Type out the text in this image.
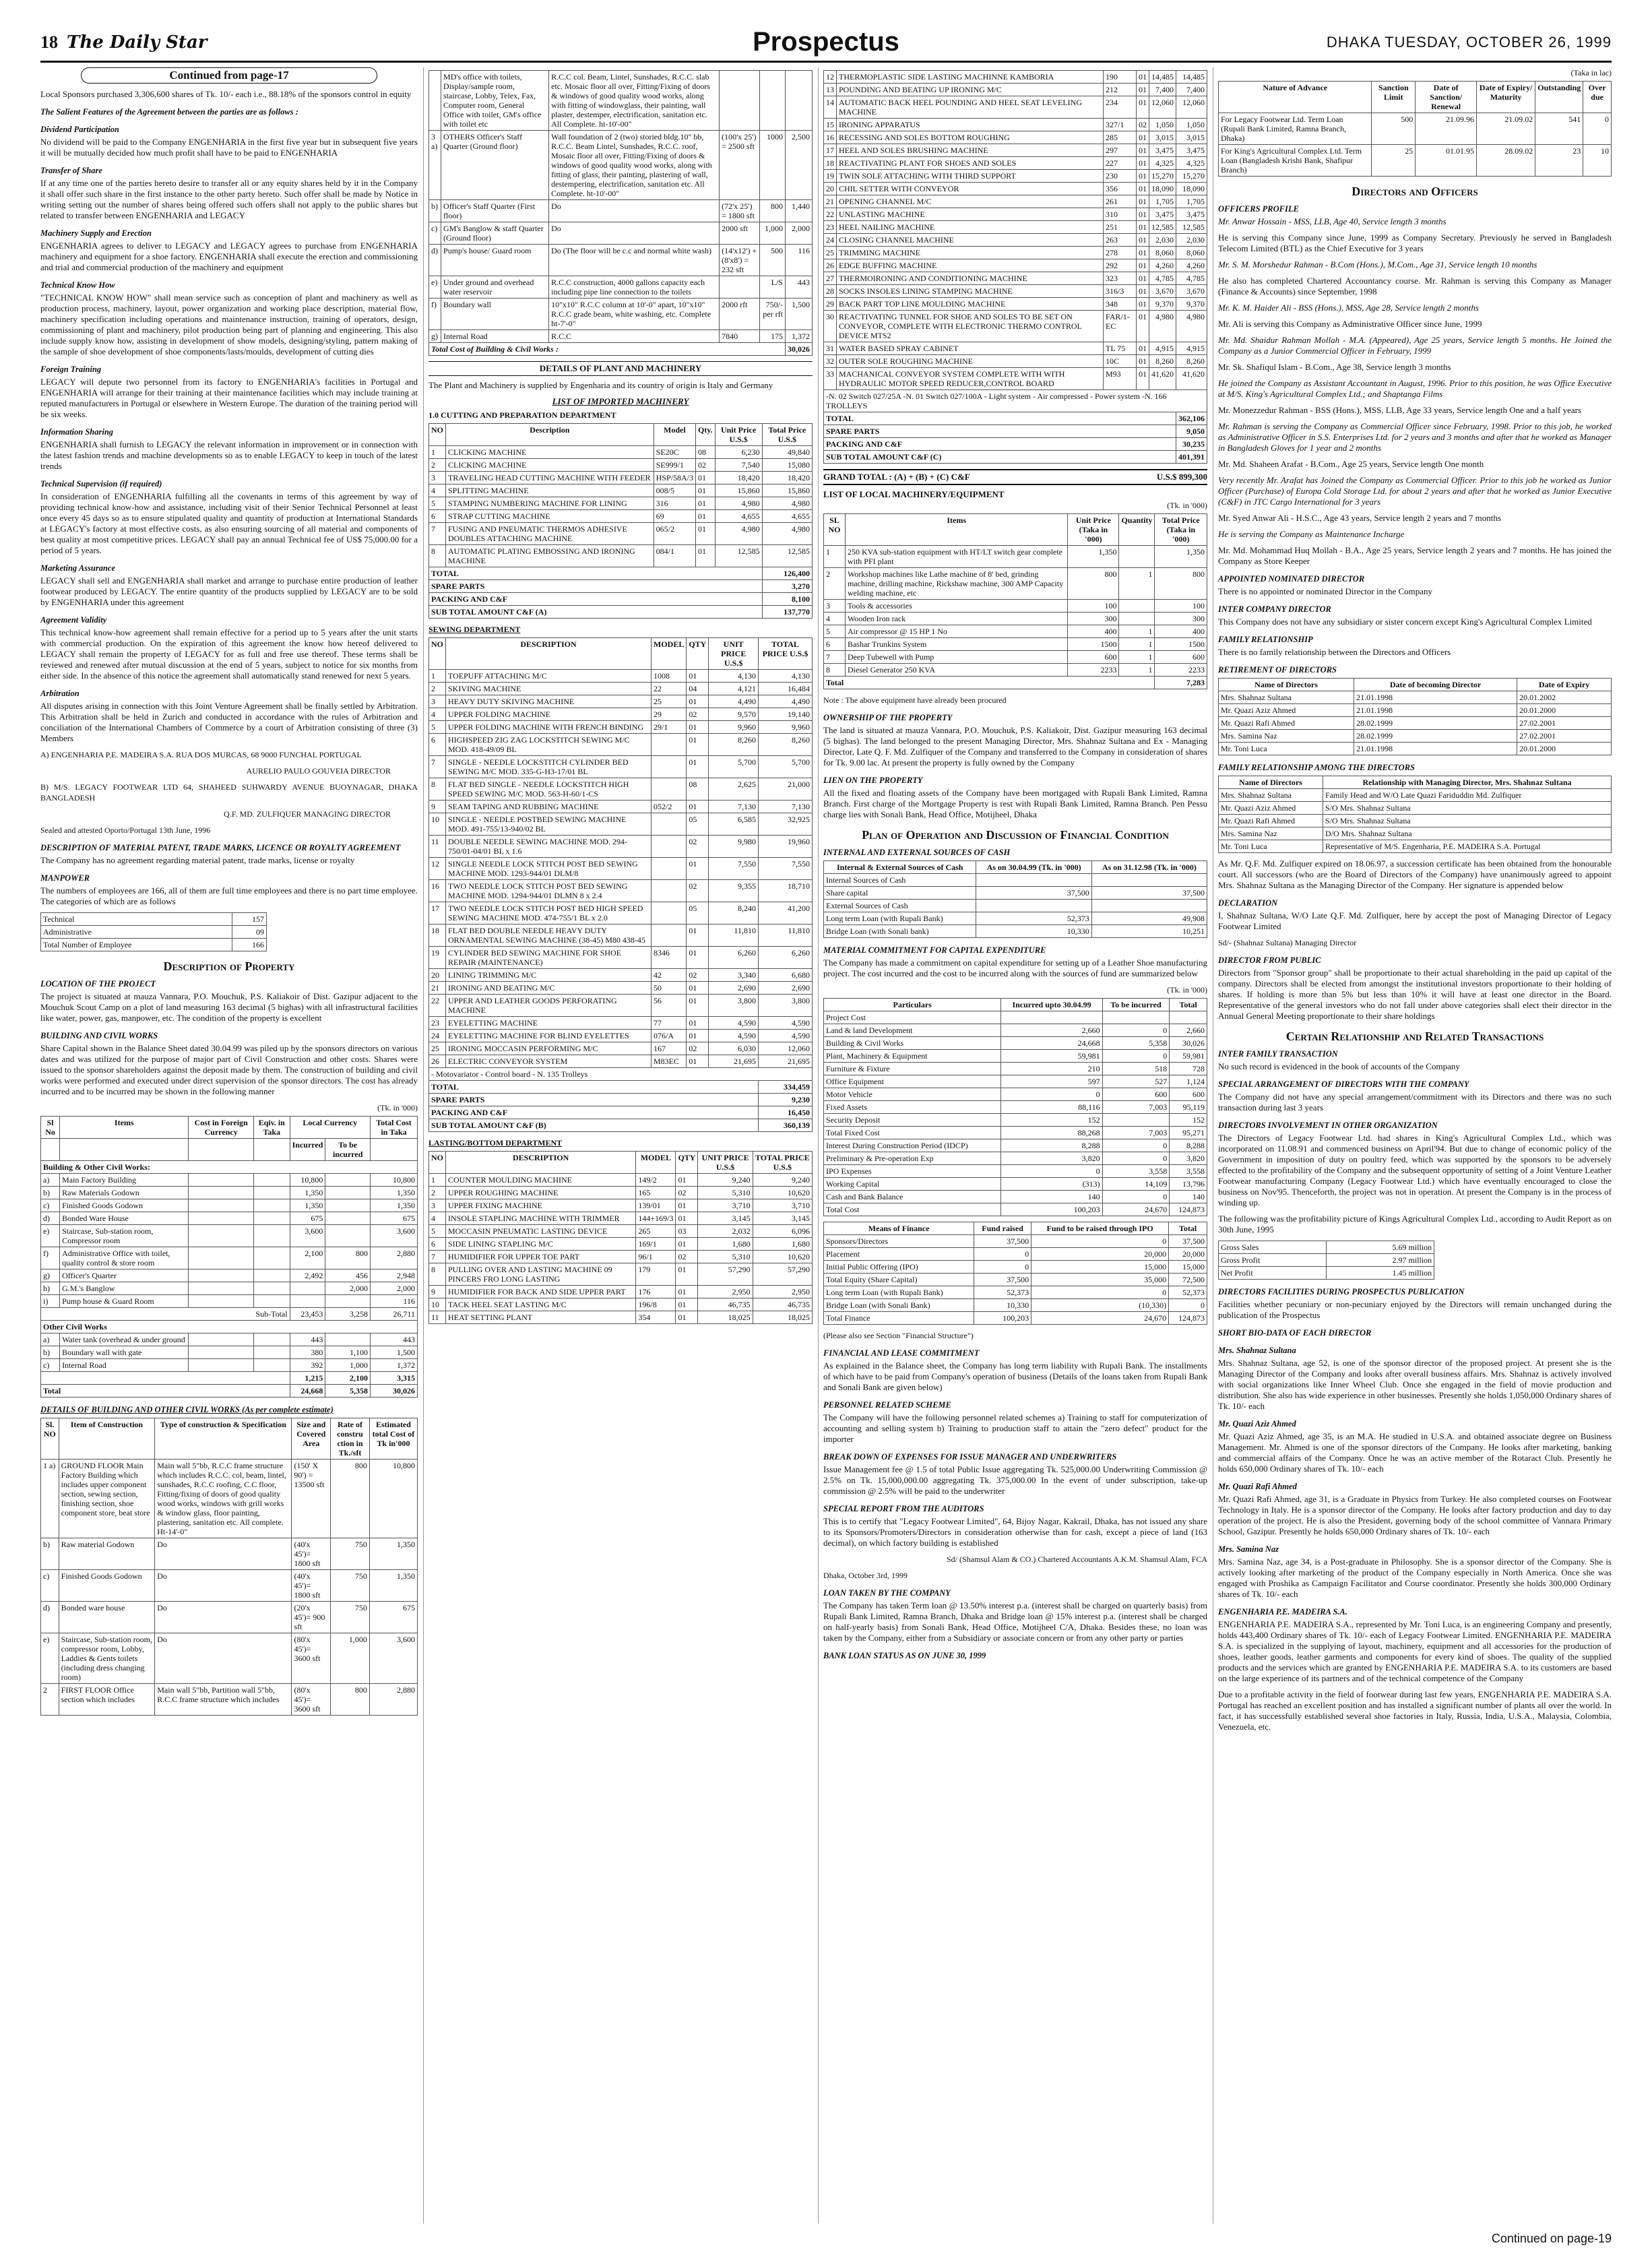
18 The Daily Star	Prospectus	DHAKA TUESDAY, OCTOBER 26, 1999
Continued from page-17

Local Sponsors purchased 3,306,600 shares of Tk. 10/- each i.e., 88.18% of the sponsors control in equity

The Salient Features of the Agreement between the parties are as follows :
Dividend Participation

No dividend will be paid to the Company ENGENHARIA in the first five year but in subsequent five years it will be mutually decided how much profit shall have to be paid to ENGENHARIA

Transfer of Share

If at any time one of the parties hereto desire to transfer all or any equity shares held by it in the Company it shall offer such share in the first instance to the other party hereto. Such offer shall be made by Notice in writing setting out the number of shares being offered such offers shall not apply to the public shares but related to transfer between ENGENHARIA and LEGACY

Machinery Supply and Erection

ENGENHARIA agrees to deliver to LEGACY and LEGACY agrees to purchase from ENGENHARIA machinery and equipment for a shoe factory. ENGENHARIA shall execute the erection and commissioning and trial and commercial production of the machinery and equipment

Technical Know How

"TECHNICAL KNOW HOW" shall mean service such as conception of plant and machinery as well as production process, machinery, layout, power organization and working place description, material flow, machinery specification including operations and maintenance instruction, training of operators, design, commissioning of plant and machinery, pilot production being part of planning and engineering. This also include supply know how, assisting in development of show models, designing/styling, pattern making of the sample of shoe development of shoe components/lasts/moulds, development of cutting dies

Foreign Training

LEGACY will depute two personnel from its factory to ENGENHARIA's facilities in Portugal and ENGENHARIA will arrange for their training at their maintenance facilities which may include training at reputed manufacturers in Portugal or elsewhere in Western Europe. The duration of the training period will be six weeks.

Information Sharing

ENGENHARIA shall furnish to LEGACY the relevant information in improvement or in connection with the latest fashion trends and machine developments so as to enable LEGACY to keep in touch of the latest trends

Technical Supervision (if required)

In consideration of ENGENHARIA fulfilling all the covenants in terms of this agreement by way of providing technical know-how and assistance, including visit of their Senior Technical Personnel at least once every 45 days so as to ensure stipulated quality and quantity of production at International Standards at LEGACY's factory at most effective costs, as also ensuring sourcing of all material and components of best quality at most competitive prices. LEGACY shall pay an annual Technical fee of US$ 75,000.00 for a period of 5 years.

Marketing Assurance

LEGACY shall sell and ENGENHARIA shall market and arrange to purchase entire production of leather footwear produced by LEGACY. The entire quantity of the products supplied by LEGACY are to be sold by ENGENHARIA under this agreement

Agreement Validity

This technical know-how agreement shall remain effective for a period up to 5 years after the unit starts with commercial production. On the expiration of this agreement the know how hereof delivered to LEGACY shall remain the property of LEGACY for as full and free use thereof. These terms shall be reviewed and renewed after mutual discussion at the end of 5 years, subject to notice for six months from either side. In the absence of this notice the agreement shall automatically stand renewed for next 5 years.

Arbitration

All disputes arising in connection with this Joint Venture Agreement shall be finally settled by Arbitration. This Arbitration shall be held in Zurich and conducted in accordance with the rules of Arbitration and conciliation of the International Chambers of Commerce by a court of Arbitration consisting of three (3) Members

A) ENGENHARIA P.E. MADEIRA S.A. RUA DOS MURCAS, 68 9000 FUNCHAL PORTUGAL

AURELIO PAULO GOUVEIA DIRECTOR

B) M/S. LEGACY FOOTWEAR LTD 64, SHAHEED SUHWARDY AVENUE BUOYNAGAR, DHAKA BANGLADESH

Q.F. MD. ZULFIQUER MANAGING DIRECTOR

Sealed and attested Oporto/Portugal 13th June, 1996

DESCRIPTION OF MATERIAL PATENT, TRADE MARKS, LICENCE OR ROYALTY AGREEMENT

The Company has no agreement regarding material patent, trade marks, license or royalty

MANPOWER

The numbers of employees are 166, all of them are full time employees and there is no part time employee. The categories of which are as follows

Technical	157
Administrative	09
Total Number of Employee	166
Description of Property
LOCATION OF THE PROJECT

The project is situated at mauza Vannara, P.O. Mouchuk, P.S. Kaliakoir of Dist. Gazipur adjacent to the Mouchuk Scout Camp on a plot of land measuring 163 decimal (5 bighas) with all infrastructural facilities like water, power, gas, manpower, etc. The condition of the property is excellent

BUILDING AND CIVIL WORKS

Share Capital shown in the Balance Sheet dated 30.04.99 was piled up by the sponsors directors on various dates and was utilized for the purpose of major part of Civil Construction and other costs. Shares were issued to the sponsor shareholders against the deposit made by them. The construction of building and civil works were performed and executed under direct supervision of the sponsor directors. The cost has already incurred and to be incurred may be shown in the following manner

(Tk. in '000)
Sl No	Items	Cost in Foreign Currency	Eqiv. in Taka	Local Currency		Total Cost in Taka
				Incurred	To be incurred	
Building & Other Civil Works:						
a)	Main Factory Building			10,800		10,800
b)	Raw Materials Godown			1,350		1,350
c)	Finished Goods Godown			1,350		1,350
d)	Bonded Ware House			675		675
e)	Staircase, Sub-station room, Compressor room			3,600		3,600
f)	Administrative Office with toilet, quality control & store room			2,100	800	2,880
g)	Officer's Quarter			2,492	456	2,948
h)	G.M.'s Banglow				2,000	2,000
i)	Pump house & Guard Room					116
Sub-Total				23,453	3,258	26,711
Other Civil Works						
a)	Water tank (overhead & under ground			443		443
b)	Boundary wall with gate			380	1,100	1,500
c)	Internal Road			392	1,000	1,372
				1,215	2,100	3,315
Total				24,668	5,358	30,026
DETAILS OF BUILDING AND OTHER CIVIL WORKS (As per complete estimate)
Sl. NO	Item of Construction	Type of construction & Specification	Size and Covered Area	Rate of constru ction in Tk./sft	Estimated total Cost of Tk in'000
1 a)	GROUND FLOOR Main Factory Building which includes upper component section, sewing section, finishing section, shoe component store, beat store	Main wall 5"bb, R.C.C frame structure which includes R.C.C. col, beam, lintel, sunshades, R.C.C roofing, C.C floor, Fitting/fixing of doors of good quality wood works, windows with grill works & window glass, floor painting, plastering, sanitation etc. All complete. Ht-14'-0"	(150' X 90') = 13500 sft	800	10,800
b)	Raw material Godown	Do	(40'x 45')= 1800 sft	750	1,350
c)	Finished Goods Godown	Do	(40'x 45')= 1800 sft	750	1,350
d)	Bonded ware house	Do	(20'x 45')= 900 sft	750	675
e)	Staircase, Sub-station room, compressor room, Lobby, Laddies & Gents toilets (including dress changing room)	Do	(80'x 45')= 3600 sft	1,000	3,600
2	FIRST FLOOR Office section which includes	Main wall 5"bb, Partition wall 5"bb, R.C.C frame structure which includes	(80'x 45')= 3600 sft	800	2,880
	MD's office with toilets, Display/sample room, staircase, Lobby, Telex, Fax, Computer room, General Office with toilet, GM's office with toilet etc	R.C.C col. Beam, Lintel, Sunshades, R.C.C. slab etc. Mosaic floor all over, Fitting/Fixing of doors & windows of good quality wood works, along with fitting of windowglass, their painting, wall plaster, destemper, electrification, sanitation etc. All Complete. ht-10'-00"			
3 a)	OTHERS Officer's Staff Quarter (Ground floor)	Wall foundation of 2 (two) storied bldg.10" bb, R.C.C. Beam Lintel, Sunshades, R.C.C. roof, Mosaic floor all over, Fitting/Fixing of doors & windows of good quality wood works, along with fitting of glass, their painting, plastering of wall, destempering, electrification, sanitation etc. All Complete. ht-10'-00"	(100'x 25') = 2500 sft	1000	2,500
b)	Officer's Staff Quarter (First floor)	Do	(72'x 25') = 1800 sft	800	1,440
c)	GM's Banglow & staff Quarter (Ground floor)	Do	2000 sft	1,000	2,000
d)	Pump's house/ Guard room	Do (The floor will be c.c and normal white wash)	(14'x12') +(8'x8') = 232 sft	500	116
e)	Under ground and overhead water reservoir	R.C.C construction, 4000 gallons capacity each including pipe line connection to the toilets		L/S	443
f)	Boundary wall	10"x10" R.C.C column at 10'-0" apart, 10"x10" R.C.C grade beam, white washing, etc. Complete ht-7'-0"	2000 rft	750/- per rft	1,500
g)	Internal Road	R.C.C	7840	175	1,372
Total Cost of Building & Civil Works :					30,026
DETAILS OF PLANT AND MACHINERY

The Plant and Machinery is supplied by Engenharia and its country of origin is Italy and Germany

LIST OF IMPORTED MACHINERY
1.0 CUTTING AND PREPARATION DEPARTMENT
NO	Description	Model	Qty.	Unit Price U.S.$	Total Price U.S.$
1	CLICKING MACHINE	SE20C	08	6,230	49,840
2	CLICKING MACHINE	SE999/1	02	7,540	15,080
3	TRAVELING HEAD CUTTING MACHINE WITH FEEDER	HSP/58A/3	01	18,420	18,420
4	SPLITTING MACHINE	008/5	01	15,860	15,860
5	STAMPING NUMBERING MACHINE FOR LINING	316	01	4,980	4,980
6	STRAP CUTTING MACHINE	69	01	4,655	4,655
7	FUSING AND PNEUMATIC THERMOS ADHESIVE DOUBLES ATTACHING MACHINE	065/2	01	4,980	4,980
8	AUTOMATIC PLATING EMBOSSING AND IRONING MACHINE	084/1	01	12,585	12,585
TOTAL					126,400
SPARE PARTS					3,270
PACKING AND C&F					8,100
SUB TOTAL AMOUNT C&F (A)					137,770
SEWING DEPARTMENT
NO	DESCRIPTION	MODEL	QTY	UNIT PRICE U.S.$	TOTAL PRICE U.S.$
1	TOEPUFF ATTACHING M/C	1008	01	4,130	4,130
2	SKIVING MACHINE	22	04	4,121	16,484
3	HEAVY DUTY SKIVING MACHINE	25	01	4,490	4,490
4	UPPER FOLDING MACHINE	29	02	9,570	19,140
5	UPPER FOLDING MACHINE WITH FRENCH BINDING	29/1	01	9,960	9,960
6	HIGHSPEED ZIG ZAG LOCKSTITCH SEWING M/C MOD. 418-49/09 BL		01	8,260	8,260
7	SINGLE - NEEDLE LOCKSTITCH CYLINDER BED SEWING M/C MOD. 335-G-H3-17/01 BL		01	5,700	5,700
8	FLAT BED SINGLE - NEEDLE LOCKSTITCH HIGH SPEED SEWING M/C MOD. 563-H-60/1-CS		08	2,625	21,000
9	SEAM TAPING AND RUBBING MACHINE	052/2	01	7,130	7,130
10	SINGLE - NEEDLE POSTBED SEWING MACHINE MOD. 491-755/13-940/02 BL		05	6,585	32,925
11	DOUBLE NEEDLE SEWING MACHINE MOD. 294-750/01-04/01 BL x 1.6		02	9,980	19,960
12	SINGLE NEEDLE LOCK STITCH POST BED SEWING MACHINE MOD. 1293-944/01 DLM/8		01	7,550	7,550
16	TWO NEEDLE LOCK STITCH POST BED SEWING MACHINE MOD. 1294-944/01 DLMN 8 x 2.4		02	9,355	18,710
17	TWO NEEDLE LOCK STITCH POST BED HIGH SPEED SEWING MACHINE MOD. 474-755/1 BL x 2.0		05	8,240	41,200
18	FLAT BED DOUBLE NEEDLE HEAVY DUTY ORNAMENTAL SEWING MACHINE (38-45) M80 438-45		01	11,810	11,810
19	CYLINDER BED SEWING MACHINE FOR SHOE REPAIR (MAINTENANCE)	8346	01	6,260	6,260
20	LINING TRIMMING M/C	42	02	3,340	6,680
21	IRONING AND BEATING M/C	50	01	2,690	2,690
22	UPPER AND LEATHER GOODS PERFORATING MACHINE	56	01	3,800	3,800
23	EYELETTING MACHINE	77	01	4,590	4,590
24	EYELETTING MACHINE FOR BLIND EYELETTES	076/A	01	4,590	4,590
25	IRONING MOCCASIN PERFORMING M/C	167	02	6,030	12,060
26	ELECTRIC CONVEYOR SYSTEM	M83EC	01	21,695	21,695
- Motovariator - Control board - N. 135 Trolleys					
TOTAL					334,459
SPARE PARTS					9,230
PACKING AND C&F					16,450
SUB TOTAL AMOUNT C&F (B)					360,139
LASTING/BOTTOM DEPARTMENT
NO	DESCRIPTION	MODEL	QTY	UNIT PRICE U.S.$	TOTAL PRICE U.S.$
1	COUNTER MOULDING MACHINE	149/2	01	9,240	9,240
2	UPPER ROUGHING MACHINE	165	02	5,310	10,620
3	UPPER FIXING MACHINE	139/01	01	3,710	3,710
4	INSOLE STAPLING MACHINE WITH TRIMMER	144+169/3	01	3,145	3,145
5	MOCCASIN PNEUMATIC LASTING DEVICE	265	03	2,032	6,096
6	SIDE LINING STAPLING M/C	169/1	01	1,680	1,680
7	HUMIDIFIER FOR UPPER TOE PART	96/1	02	5,310	10,620
8	PULLING OVER AND LASTING MACHINE 09 PINCERS FRO LONG LASTING	179	01	57,290	57,290
9	HUMIDIFIER FOR BACK AND SIDE UPPER PART	176	01	2,950	2,950
10	TACK HEEL SEAT LASTING M/C	196/8	01	46,735	46,735
11	HEAT SETTING PLANT	354	01	18,025	18,025
12	THERMOPLASTIC SIDE LASTING MACHINNE KAMBORIA	190	01	14,485	14,485
13	POUNDING AND BEATING UP IRONING M/C	212	01	7,400	7,400
14	AUTOMATIC BACK HEEL POUNDING AND HEEL SEAT LEVELING MACHINE	234	01	12,060	12,060
15	IRONING APPARATUS	327/1	02	1,050	1,050
16	RECESSING AND SOLES BOTTOM ROUGHING	285	01	3,015	3,015
17	HEEL AND SOLES BRUSHING MACHINE	297	01	3,475	3,475
18	REACTIVATING PLANT FOR SHOES AND SOLES	227	01	4,325	4,325
19	TWIN SOLE ATTACHING WITH THIRD SUPPORT	230	01	15,270	15,270
20	CHIL SETTER WITH CONVEYOR	356	01	18,090	18,090
21	OPENING CHANNEL M/C	261	01	1,705	1,705
22	UNLASTING MACHINE	310	01	3,475	3,475
23	HEEL NAILING MACHINE	251	01	12,585	12,585
24	CLOSING CHANNEL MACHINE	263	01	2,030	2,030
25	TRIMMING MACHINE	278	01	8,060	8,060
26	EDGE BUFFING MACHINE	292	01	4,260	4,260
27	THERMOIRONING AND CONDITIONING MACHINE	323	01	4,785	4,785
28	SOCKS INSOLES LINING STAMPING MACHINE	316/3	01	3,670	3,670
29	BACK PART TOP LINE MOULDING MACHINE	348	01	9,370	9,370
30	REACTIVATING TUNNEL FOR SHOE AND SOLES TO BE SET ON CONVEYOR, COMPLETE WITH ELECTRONIC THERMO CONTROL DEVICE MTS2	FAR/1-EC	01	4,980	4,980
31	WATER BASED SPRAY CABINET	TL 75	01	4,915	4,915
32	OUTER SOLE ROUGHING MACHINE	10C	01	8,260	8,260
33	MACHANICAL CONVEYOR SYSTEM COMPLETE WITH WITH HYDRAULIC MOTOR SPEED REDUCER,CONTROL BOARD	M93	01	41,620	41,620
-N. 02 Switch 027/25A -N. 01 Switch 027/100A - Light system - Air compressed - Power system -N. 166 TROLLEYS					
TOTAL					362,106
SPARE PARTS					9,050
PACKING AND C&F					30,235
SUB TOTAL AMOUNT C&F (C)					401,391
GRAND TOTAL : (A) + (B) + (C) C&F	U.S.$ 899,300
LIST OF LOCAL MACHINERY/EQUIPMENT
(Tk. in '000)
SL NO	Items	Unit Price (Taka in '000)	Quantity	Total Price (Taka in '000)
1	250 KVA sub-station equipment with HT/LT switch gear complete with PFI plant	1,350		1,350
2	Workshop machines like Lathe machine of 8' bed, grinding machine, drilling machine, Rickshaw machine, 300 AMP Capacity welding machine, etc	800	1	800
3	Tools & accessories	100		100
4	Wooden Iron rack	300		300
5	Air compressor @ 15 HP 1 No	400	1	400
6	Bashar Trunkins System	1500	1	1500
7	Deep Tubewell with Pump	600	1	600
8	Diesel Generator 250 KVA	2233	1	2233
Total				7,283

Note : The above equipment have already been procured

OWNERSHIP OF THE PROPERTY

The land is situated at mauza Vannara, P.O. Mouchuk, P.S. Kaliakoir, Dist. Gazipur measuring 163 decimal (5 bighas). The land belonged to the present Managing Director, Mrs. Shahnaz Sultana and Ex - Managing Director, Late Q. F. Md. Zulfiquer of the Company and transferred to the Company in consideration of shares for Tk. 9.00 lac. At present the property is fully owned by the Company

LIEN ON THE PROPERTY

All the fixed and floating assets of the Company have been mortgaged with Rupali Bank Limited, Ramna Branch. First charge of the Mortgage Property is rest with Rupali Bank Limited, Ramna Branch. Pen Pessu charge lies with Sonali Bank, Head Office, Motijheel, Dhaka

Plan of Operation and Discussion of Financial Condition
INTERNAL AND EXTERNAL SOURCES OF CASH
Internal & External Sources of Cash	As on 30.04.99 (Tk. in '000)	As on 31.12.98 (Tk. in '000)
Internal Sources of Cash		
Share capital	37,500	37,500
External Sources of Cash		
Long term Loan (with Rupali Bank)	52,373	49,908
Bridge Loan (with Sonali bank)	10,330	10,251
MATERIAL COMMITMENT FOR CAPITAL EXPENDITURE

The Company has made a commitment on capital expenditure for setting up of a Leather Shoe manufacturing project. The cost incurred and the cost to be incurred along with the sources of fund are summarized below

(Tk. in '000)
Particulars	Incurred upto 30.04.99	To be incurred	Total
Project Cost			
Land & land Development	2,660	0	2,660
Building & Civil Works	24,668	5,358	30,026
Plant, Machinery & Equipment	59,981	0	59,981
Furniture & Fixture	210	518	728
Office Equipment	597	527	1,124
Motor Vehicle	0	600	600
Fixed Assets	88,116	7,003	95,119
Security Deposit	152		152
Total Fixed Cost	88,268	7,003	95,271
Interest During Construction Period (IDCP)	8,288	0	8,288
Preliminary & Pre-operation Exp	3,820	0	3,820
IPO Expenses	0	3,558	3,558
Working Capital	(313)	14,109	13,796
Cash and Bank Balance	140	0	140
Total Cost	100,203	24,670	124,873
Means of Finance	Fund raised	Fund to be raised through IPO	Total
Sponsors/Directors	37,500	0	37,500
Placement	0	20,000	20,000
Initial Public Offering (IPO)	0	15,000	15,000
Total Equity (Share Capital)	37,500	35,000	72,500
Long term Loan (with Rupali Bank)	52,373	0	52,373
Bridge Loan (with Sonali Bank)	10,330	(10,330)	0
Total Finance	100,203	24,670	124,873

(Please also see Section "Financial Structure")

FINANCIAL AND LEASE COMMITMENT

As explained in the Balance sheet, the Company has long term liability with Rupali Bank. The installments of which have to be paid from Company's operation of business (Details of the loans taken from Rupali Bank and Sonali Bank are given below)

PERSONNEL RELATED SCHEME

The Company will have the following personnel related schemes a) Training to staff for computerization of accounting and selling system b) Training to production staff to attain the "zero defect" product for the importer

BREAK DOWN OF EXPENSES FOR ISSUE MANAGER AND UNDERWRITERS

Issue Management fee @ 1.5 of total Public Issue aggregating Tk. 525,000.00 Underwriting Commission @ 2.5% on Tk. 15,000,000.00 aggregating Tk. 375,000.00 In the event of under subscription, take-up commission @ 2.5% will be paid to the underwriter

SPECIAL REPORT FROM THE AUDITORS

This is to certify that "Legacy Footwear Limited", 64, Bijoy Nagar, Kakrail, Dhaka, has not issued any share to its Sponsors/Promoters/Directors in consideration otherwise than for cash, except a piece of land (163 decimal), on which factory building is established

Sd/ (Shamsul Alam & CO.) Chartered Accountants A.K.M. Shamsul Alam, FCA

Dhaka, October 3rd, 1999

LOAN TAKEN BY THE COMPANY

The Company has taken Term loan @ 13.50% interest p.a. (interest shall be charged on quarterly basis) from Rupali Bank Limited, Ramna Branch, Dhaka and Bridge loan @ 15% interest p.a. (interest shall be charged on half-yearly basis) from Sonali Bank, Head Office, Motijheel C/A, Dhaka. Besides these, no loan was taken by the Company, either from a Subsidiary or associate concern or from any other party or parties

BANK LOAN STATUS AS ON JUNE 30, 1999
(Taka in lac)
Nature of Advance	Sanction Limit	Date of Sanction/ Renewal	Date of Expiry/ Maturity	Outstanding	Over due
For Legacy Footwear Ltd. Term Loan (Rupali Bank Limited, Ramna Branch, Dhaka)	500	21.09.96	21.09.02	541	0
For King's Agricultural Complex Ltd. Term Loan (Bangladesh Krishi Bank, Shafipur Branch)	25	01.01.95	28.09.02	23	10
Directors and Officers
OFFICERS PROFILE

Mr. Anwar Hossain - MSS, LLB, Age 40, Service length 3 months

He is serving this Company since June, 1999 as Company Secretary. Previously he served in Bangladesh Telecom Limited (BTL) as the Chief Executive for 3 years

Mr. S. M. Morshedur Rahman - B.Com (Hons.), M.Com., Age 31, Service length 10 months

He also has completed Chartered Accountancy course. Mr. Rahman is serving this Company as Manager (Finance & Accounts) since September, 1998

Mr. K. M. Haider Ali - BSS (Hons.), MSS, Age 28, Service length 2 months

Mr. Ali is serving this Company as Administrative Officer since June, 1999

Mr. Md. Shaidur Rahman Mollah - M.A. (Appeared), Age 25 years, Service length 5 months. He Joined the Company as a Junior Commercial Officer in February, 1999

Mr. Sk. Shafiqul Islam - B.Com., Age 38, Service length 3 months

He joined the Company as Assistant Accountant in August, 1996. Prior to this position, he was Office Executive at M/S. King's Agricultural Complex Ltd.; and Shaptanga Films

Mr. Monezzedur Rahman - BSS (Hons.), MSS, LLB, Age 33 years, Service length One and a half years

Mr. Rahman is serving the Company as Commercial Officer since February, 1998. Prior to this job, he worked as Administrative Officer in S.S. Enterprises Ltd. for 2 years and 3 months and after that he worked as Manager in Bangladesh Gloves for 1 year and 2 months

Mr. Md. Shaheen Arafat - B.Com., Age 25 years, Service length One month

Very recently Mr. Arafat has Joined the Company as Commercial Officer. Prior to this job he worked as Junior Officer (Purchase) of Europa Cold Storage Ltd. for about 2 years and after that he worked as Junior Executive (C&F) in JTC Cargo International for 3 years

Mr. Syed Anwar Ali - H.S.C., Age 43 years, Service length 2 years and 7 months

He is serving the Company as Maintenance Incharge

Mr. Md. Mohammad Huq Mollah - B.A., Age 25 years, Service length 2 years and 7 months. He has joined the Company as Store Keeper

APPOINTED NOMINATED DIRECTOR

There is no appointed or nominated Director in the Company

INTER COMPANY DIRECTOR

This Company does not have any subsidiary or sister concern except King's Agricultural Complex Limited

FAMILY RELATIONSHIP

There is no family relationship between the Directors and Officers

RETIREMENT OF DIRECTORS
Name of Directors	Date of becoming Director	Date of Expiry
Mrs. Shahnaz Sultana	21.01.1998	20.01.2002
Mr. Quazi Aziz Ahmed	21.01.1998	20.01.2000
Mr. Quazi Rafi Ahmed	28.02.1999	27.02.2001
Mrs. Samina Naz	28.02.1999	27.02.2001
Mr. Toni Luca	21.01.1998	20.01.2000
FAMILY RELATIONSHIP AMONG THE DIRECTORS
Name of Directors	Relationship with Managing Director, Mrs. Shahnaz Sultana
Mrs. Shahnaz Sultana	Family Head and W/O Late Quazi Fariduddin Md. Zulfiquer
Mr. Quazi Aziz Ahmed	S/O Mrs. Shahnaz Sultana
Mr. Quazi Rafi Ahmed	S/O Mrs. Shahnaz Sultana
Mrs. Samina Naz	D/O Mrs. Shahnaz Sultana
Mr. Toni Luca	Representative of M/S. Engenharia, P.E. MADEIRA S.A. Portugal

As Mr. Q.F. Md. Zulfiquer expired on 18.06.97, a succession certificate has been obtained from the honourable court. All successors (who are the Board of Directors of the Company) have unanimously agreed to appoint Mrs. Shahnaz Sultana as the Managing Director of the Company. Her signature is appended below

DECLARATION

I, Shahnaz Sultana, W/O Late Q.F. Md. Zulfiquer, here by accept the post of Managing Director of Legacy Footwear Limited

Sd/- (Shahnaz Sultana) Managing Director

DIRECTOR FROM PUBLIC

Directors from "Sponsor group" shall be proportionate to their actual shareholding in the paid up capital of the company. Directors shall be elected from amongst the institutional investors proportionate to their holding of shares. If holding is more than 5% but less than 10% it will have at least one director in the Board. Representative of the general investors who do not fall under above categories shall elect their director in the Annual General Meeting proportionate to their share holdings

Certain Relationship and Related Transactions
INTER FAMILY TRANSACTION

No such record is evidenced in the book of accounts of the Company

SPECIAL ARRANGEMENT OF DIRECTORS WITH THE COMPANY

The Company did not have any special arrangement/commitment with its Directors and there was no such transaction during last 3 years

DIRECTORS INVOLVEMENT IN OTHER ORGANIZATION

The Directors of Legacy Footwear Ltd. had shares in King's Agricultural Complex Ltd., which was incorporated on 11.08.91 and commenced business on April'94. But due to change of economic policy of the Government in imposition of duty on poultry feed, which was supported by the sponsors to be adversely effected to the profitability of the Company and the subsequent opportunity of setting of a Joint Venture Leather Footwear manufacturing Company (Legacy Footwear Ltd.) which have eventually encouraged to close the business on Nov'95. Thenceforth, the project was not in operation. At present the Company is in the process of winding up.

The following was the profitability picture of Kings Agricultural Complex Ltd., according to Audit Report as on 30th June, 1995

Gross Sales	5.69 million
Gross Profit	2.97 million
Net Profit	1.45 million
DIRECTORS FACILITIES DURING PROSPECTUS PUBLICATION

Facilities whether pecuniary or non-pecuniary enjoyed by the Directors will remain unchanged during the publication of the Prospectus

SHORT BIO-DATA OF EACH DIRECTOR
Mrs. Shahnaz Sultana

Mrs. Shahnaz Sultana, age 52, is one of the sponsor director of the proposed project. At present she is the Managing Director of the Company and looks after overall business affairs. Mrs. Shahnaz is actively involved with social organizations like Inner Wheel Club. Once she engaged in the field of movie production and distribution. She also has wide experience in other businesses. Presently she holds 1,050,000 Ordinary shares of Tk. 10/- each

Mr. Quazi Aziz Ahmed

Mr. Quazi Aziz Ahmed, age 35, is an M.A. He studied in U.S.A. and obtained associate degree on Business Management. Mr. Ahmed is one of the sponsor directors of the Company. He looks after marketing, banking and commercial affairs of the Company. Once he was an active member of the Rotaract Club. Presently he holds 650,000 Ordinary shares of Tk. 10/- each

Mr. Quazi Rafi Ahmed

Mr. Quazi Rafi Ahmed, age 31, is a Graduate in Physics from Turkey. He also completed courses on Footwear Technology in Italy. He is a sponsor director of the Company. He looks after factory production and day to day operation of the project. He is also the President, governing body of the school committee of Vannara Primary School, Gazipur. Presently he holds 650,000 Ordinary shares of Tk. 10/- each

Mrs. Samina Naz

Mrs. Samina Naz, age 34, is a Post-graduate in Philosophy. She is a sponsor director of the Company. She is actively looking after marketing of the product of the Company especially in North America. Once she was engaged with Proshika as Campaign Facilitator and Course coordinator. Presently she holds 300,000 Ordinary shares of Tk. 10/- each

ENGENHARIA P.E. MADEIRA S.A.

ENGENHARIA P.E. MADEIRA S.A., represented by Mr. Toni Luca, is an engineering Company and presently, holds 443,400 Ordinary shares of Tk. 10/- each of Legacy Footwear Limited. ENGENHARIA P.E. MADEIRA S.A. is specialized in the supplying of layout, machinery, equipment and all accessories for the production of shoes, leather goods, leather garments and components for every kind of shoes. The quality of the supplied products and the services which are granted by ENGENHARIA P.E. MADEIRA S.A. to its customers are based on the large experience of its partners and of the technical competence of the Company

Due to a profitable activity in the field of footwear during last few years, ENGENHARIA P.E. MADEIRA S.A. Portugal has reached an excellent position and has installed a significant number of plants all over the world. In fact, it has successfully established several shoe factories in Italy, Russia, India, U.S.A., Malaysia, Colombia, Venezuela, etc.

Continued on page-19
